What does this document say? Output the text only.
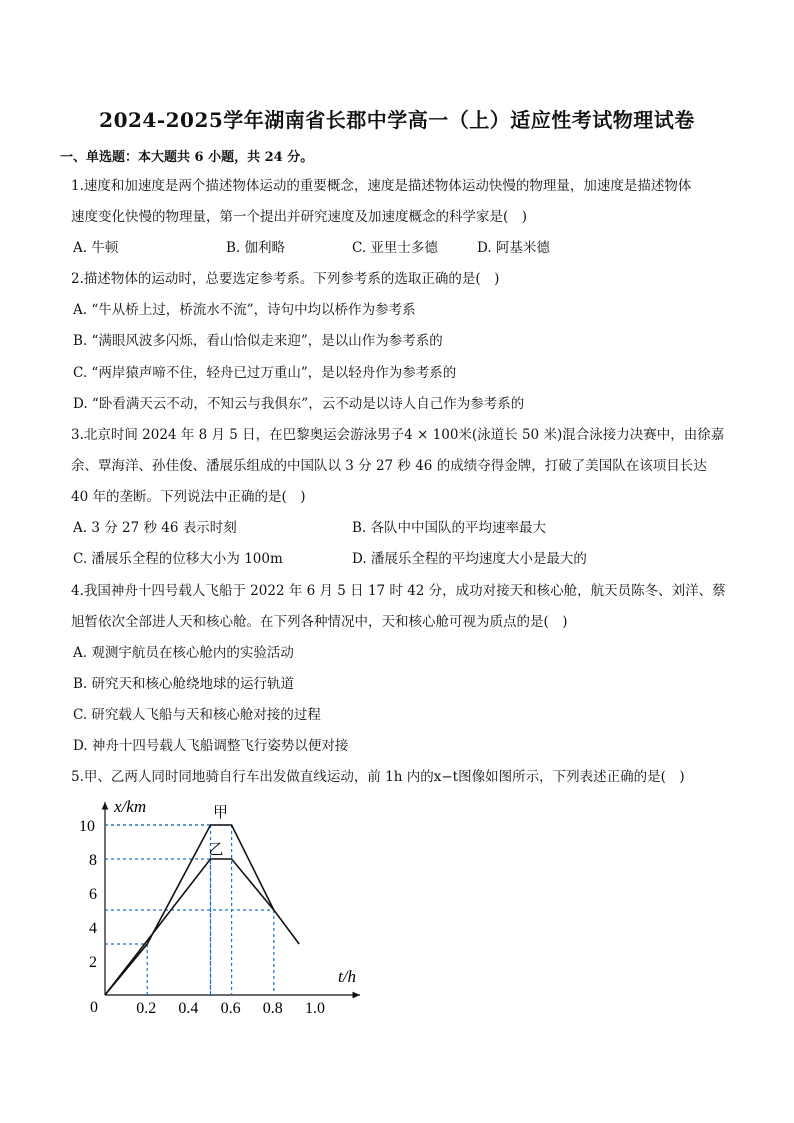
2024-2025学年湖南省长郡中学高一（上）适应性考试物理试卷
一、单选题：本大题共 6 小题，共 24 分。
1.速度和加速度是两个描述物体运动的重要概念，速度是描述物体运动快慢的物理量，加速度是描述物体
速度变化快慢的物理量，第一个提出并研究速度及加速度概念的科学家是(　)
A. 牛顿	B. 伽利略	C. 亚里士多德	D. 阿基米德
2.描述物体的运动时，总要选定参考系。下列参考系的选取正确的是(　)
A. “牛从桥上过，桥流水不流”，诗句中均以桥作为参考系
B. “满眼风波多闪烁，看山恰似走来迎”，是以山作为参考系的
C. “两岸猿声啼不住，轻舟已过万重山”，是以轻舟作为参考系的
D. “卧看满天云不动，不知云与我俱东”，云不动是以诗人自己作为参考系的
3.北京时间 2024 年 8 月 5 日，在巴黎奥运会游泳男子4 × 100米(泳道长 50 米)混合泳接力决赛中，由徐嘉
余、覃海洋、孙佳俊、潘展乐组成的中国队以 3 分 27 秒 46 的成绩夺得金牌，打破了美国队在该项目长达
40 年的垄断。下列说法中正确的是(　)
A. 3 分 27 秒 46 表示时刻	B. 各队中中国队的平均速率最大
C. 潘展乐全程的位移大小为 100m	D. 潘展乐全程的平均速度大小是最大的
4.我国神舟十四号载人飞船于 2022 年 6 月 5 日 17 时 42 分，成功对接天和核心舱，航天员陈冬、刘洋、蔡
旭暂依次全部进人天和核心舱。在下列各种情况中，天和核心舱可视为质点的是(　)
A. 观测宇航员在核心舱内的实验活动
B. 研究天和核心舱绕地球的运行轨道
C. 研究载人飞船与天和核心舱对接的过程
D. 神舟十四号载人飞船调整飞行姿势以便对接
5.甲、乙两人同时同地骑自行车出发做直线运动，前 1h 内的x−t图像如图所示，下列表述正确的是(　)
x/km
t/h
0 0.2 0.4 0.6 0.8 1.0
2
4
6
8
10
甲
乙
